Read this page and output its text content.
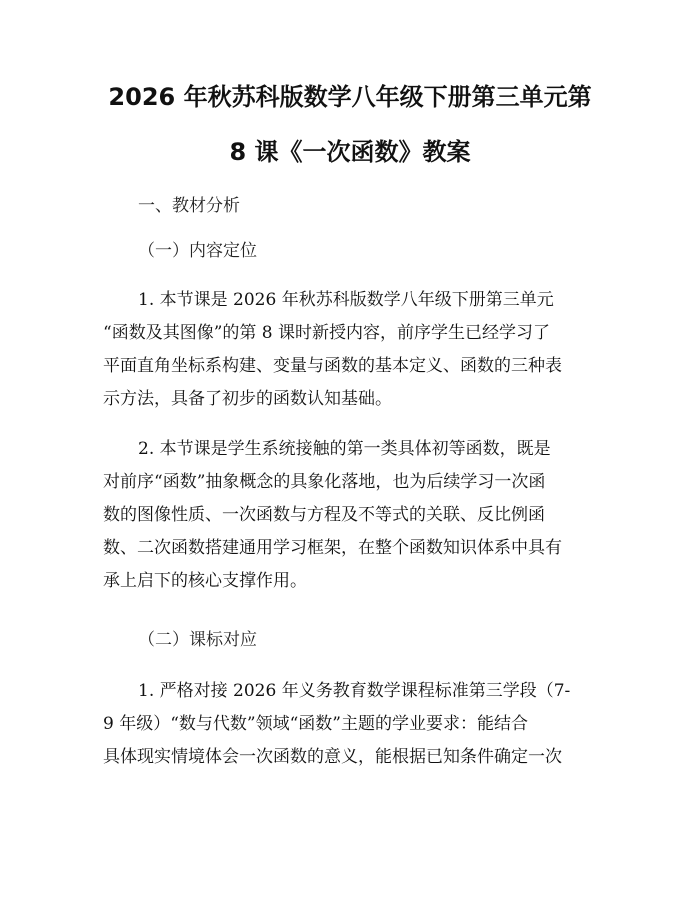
2026 年秋苏科版数学八年级下册第三单元第
8 课《一次函数》教案
一、教材分析
（一）内容定位
1. 本节课是 2026 年秋苏科版数学八年级下册第三单元
“函数及其图像”的第 8 课时新授内容，前序学生已经学习了
平面直角坐标系构建、变量与函数的基本定义、函数的三种表
示方法，具备了初步的函数认知基础。
2. 本节课是学生系统接触的第一类具体初等函数，既是
对前序“函数”抽象概念的具象化落地，也为后续学习一次函
数的图像性质、一次函数与方程及不等式的关联、反比例函
数、二次函数搭建通用学习框架，在整个函数知识体系中具有
承上启下的核心支撑作用。
（二）课标对应
1. 严格对接 2026 年义务教育数学课程标准第三学段（7-
9 年级）“数与代数”领域“函数”主题的学业要求：能结合
具体现实情境体会一次函数的意义，能根据已知条件确定一次
